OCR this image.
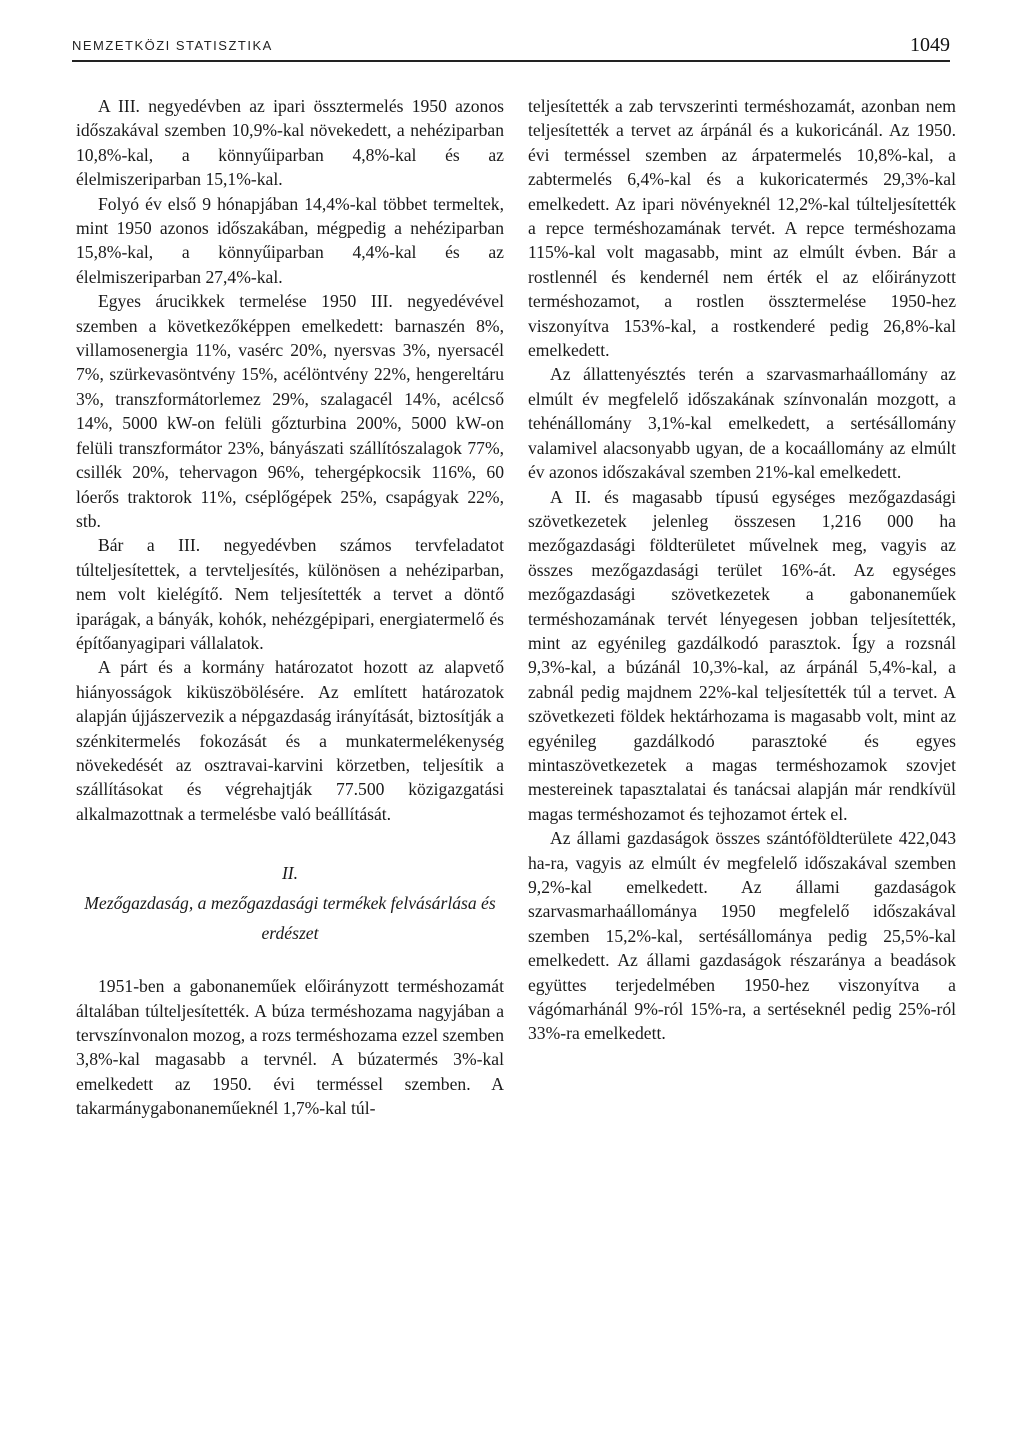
NEMZETKÖZI STATISZTIKA	1049

A III. negyedévben az ipari össztermelés 1950 azonos időszakával szemben 10,9%-kal növekedett, a nehéziparban 10,8%-kal, a könnyűiparban 4,8%-kal és az élelmiszeriparban 15,1%-kal.

Folyó év első 9 hónapjában 14,4%-kal többet termeltek, mint 1950 azonos időszakában, mégpedig a nehéziparban 15,8%-kal, a könnyűiparban 4,4%-kal és az élelmiszeriparban 27,4%-kal.

Egyes árucikkek termelése 1950 III. negyedévével szemben a következőképpen emelkedett: barnaszén 8%, villamosenergia 11%, vasérc 20%, nyersvas 3%, nyersacél 7%, szürkevasöntvény 15%, acélöntvény 22%, hengereltáru 3%, transzformátorlemez 29%, szalagacél 14%, acélcső 14%, 5000 kW-on felüli gőzturbina 200%, 5000 kW-on felüli transzformátor 23%, bányászati szállítószalagok 77%, csillék 20%, tehervagon 96%, tehergépkocsik 116%, 60 lóerős traktorok 11%, cséplőgépek 25%, csapágyak 22%, stb.

Bár a III. negyedévben számos tervfeladatot túlteljesítettek, a tervteljesítés, különösen a nehéziparban, nem volt kielégítő. Nem teljesítették a tervet a döntő iparágak, a bányák, kohók, nehézgépipari, energiatermelő és építőanyagipari vállalatok.

A párt és a kormány határozatot hozott az alapvető hiányosságok kiküszöbölésére. Az említett határozatok alapján újjászervezik a népgazdaság irányítását, biztosítják a szénkitermelés fokozását és a munkatermelékenység növekedését az osztravai-karvini körzetben, teljesítik a szállításokat és végrehajtják 77.500 közigazgatási alkalmazottnak a termelésbe való beállítását.

II.
Mezőgazdaság, a mezőgazdasági termékek felvásárlása és erdészet

1951-ben a gabonaneműek előirányzott terméshozamát általában túlteljesítették. A búza terméshozama nagyjában a tervszínvonalon mozog, a rozs terméshozama ezzel szemben 3,8%-kal magasabb a tervnél. A búzatermés 3%-kal emelkedett az 1950. évi terméssel szemben. A takarmánygabonaneműeknél 1,7%-kal túl-

teljesítették a zab tervszerinti terméshozamát, azonban nem teljesítették a tervet az árpánál és a kukoricánál. Az 1950. évi terméssel szemben az árpatermelés 10,8%-kal, a zabtermelés 6,4%-kal és a kukoricatermés 29,3%-kal emelkedett. Az ipari növényeknél 12,2%-kal túlteljesítették a repce terméshozamának tervét. A repce terméshozama 115%-kal volt magasabb, mint az elmúlt évben. Bár a rostlennél és kendernél nem érték el az előirányzott terméshozamot, a rostlen össztermelése 1950-hez viszonyítva 153%-kal, a rostkenderé pedig 26,8%-kal emelkedett.

Az állattenyésztés terén a szarvasmarhaállomány az elmúlt év megfelelő időszakának színvonalán mozgott, a tehénállomány 3,1%-kal emelkedett, a sertésállomány valamivel alacsonyabb ugyan, de a kocaállomány az elmúlt év azonos időszakával szemben 21%-kal emelkedett.

A II. és magasabb típusú egységes mezőgazdasági szövetkezetek jelenleg összesen 1,216 000 ha mezőgazdasági földterületet művelnek meg, vagyis az összes mezőgazdasági terület 16%-át. Az egységes mezőgazdasági szövetkezetek a gabonaneműek terméshozamának tervét lényegesen jobban teljesítették, mint az egyénileg gazdálkodó parasztok. Így a rozsnál 9,3%-kal, a búzánál 10,3%-kal, az árpánál 5,4%-kal, a zabnál pedig majdnem 22%-kal teljesítették túl a tervet. A szövetkezeti földek hektárhozama is magasabb volt, mint az egyénileg gazdálkodó parasztoké és egyes mintaszövetkezetek a magas terméshozamok szovjet mestereinek tapasztalatai és tanácsai alapján már rendkívül magas terméshozamot és tejhozamot értek el.

Az állami gazdaságok összes szántóföldterülete 422,043 ha-ra, vagyis az elmúlt év megfelelő időszakával szemben 9,2%-kal emelkedett. Az állami gazdaságok szarvasmarhaállománya 1950 megfelelő időszakával szemben 15,2%-kal, sertésállománya pedig 25,5%-kal emelkedett. Az állami gazdaságok részaránya a beadások együttes terjedelmében 1950-hez viszonyítva a vágómarhánál 9%-ról 15%-ra, a sertéseknél pedig 25%-ról 33%-ra emelkedett.
